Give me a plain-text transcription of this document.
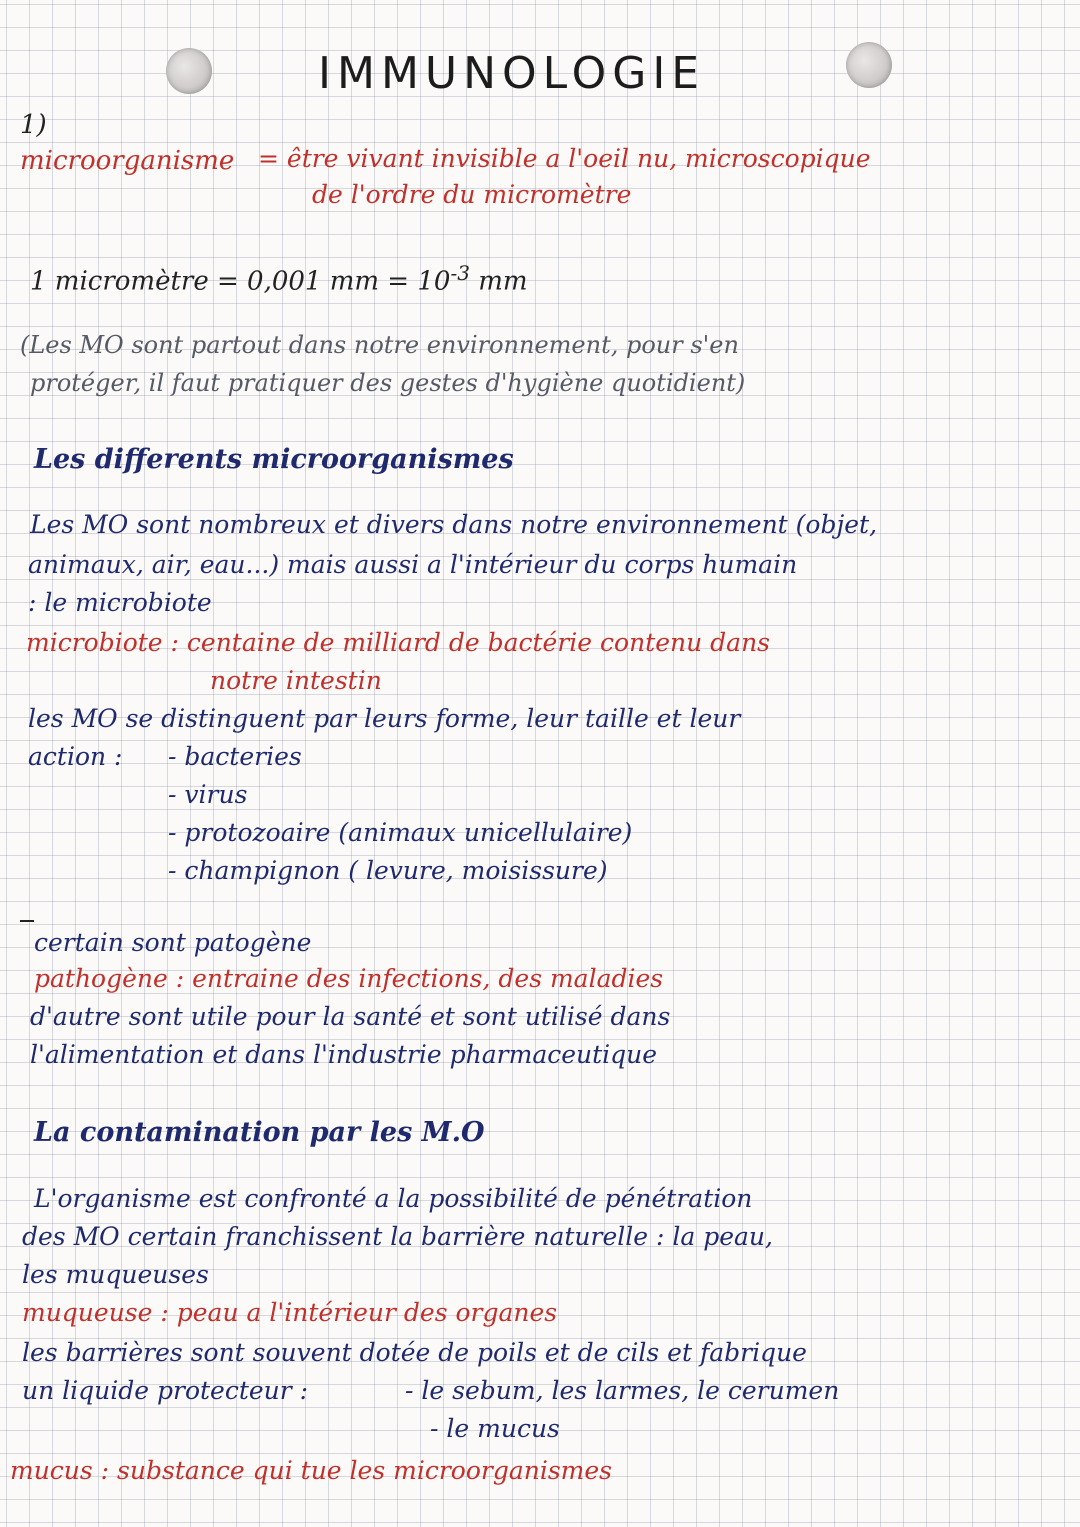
IMMUNOLOGIE
1)
microorganisme = être vivant invisible a l'oeil nu, microscopique
de l'ordre du micromètre
1 micromètre = 0,001 mm = $10^{-3}$ mm
(Les MO sont partout dans notre environnement, pour s'en
protéger, il faut pratiquer des gestes d'hygiène quotidient)
Les differents microorganismes
Les MO sont nombreux et divers dans notre environnement (objet,
animaux, air, eau...) mais aussi a l'intérieur du corps humain
: le microbiote
microbiote : centaine de milliard de bactérie contenu dans
notre intestin
les MO se distinguent par leurs forme, leur taille et leur
action : - bacteries
- virus
- protozoaire (animaux unicellulaire)
- champignon ( levure, moisissure)
certain sont patogène
pathogène : entraine des infections, des maladies
d'autre sont utile pour la santé et sont utilisé dans
l'alimentation et dans l'industrie pharmaceutique
La contamination par les M.O
L'organisme est confronté a la possibilité de pénétration
des MO certain franchissent la barrière naturelle : la peau,
les muqueuses
muqueuse : peau a l'intérieur des organes
les barrières sont souvent dotée de poils et de cils et fabrique
un liquide protecteur :	- le sebum, les larmes, le cerumen
- le mucus
mucus : substance qui tue les microorganismes
